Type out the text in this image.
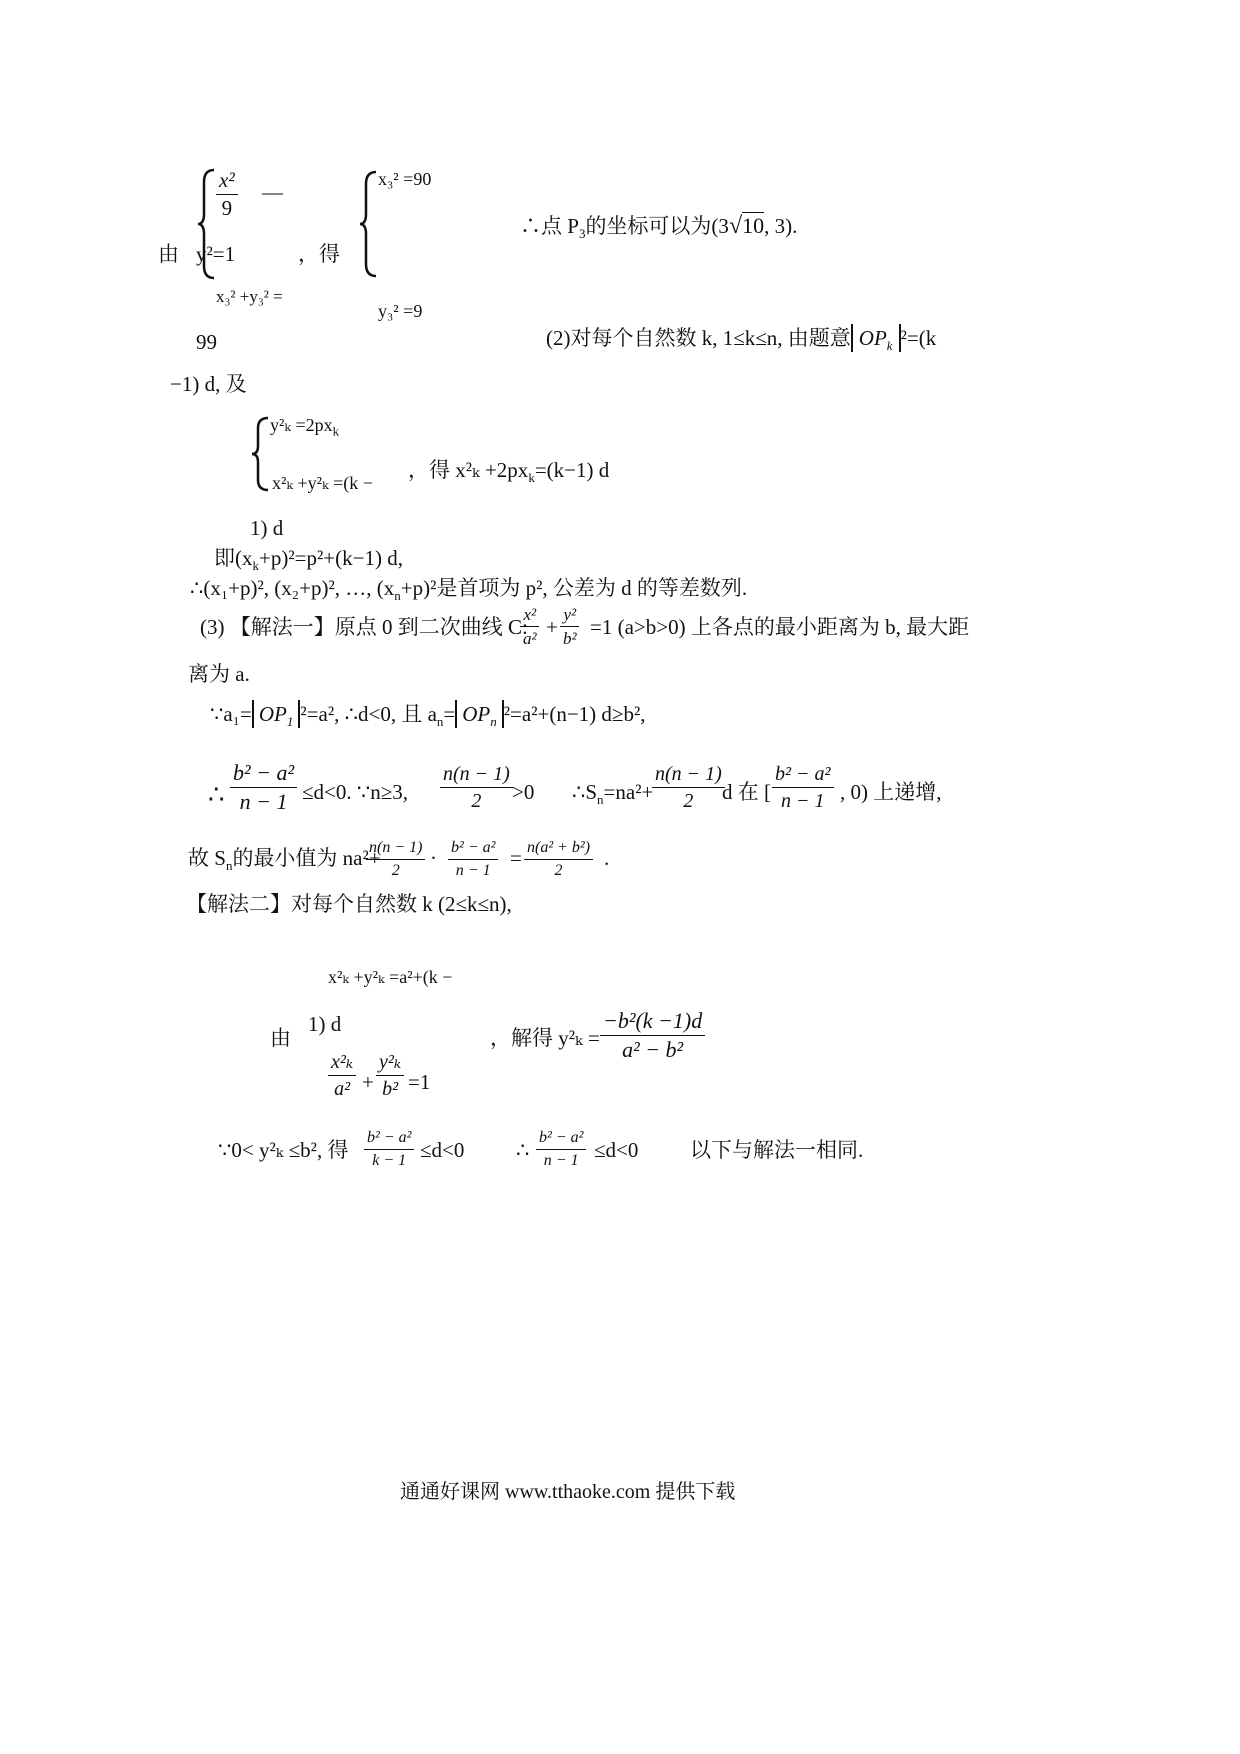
由
$\frac{\text{x²}}{9}$ —
y²=1	，得
x₃² +y₃² =
99
x₃² =90
y₃² =9
∴点 $P_3$的坐标可以为(3√10, 3).
(2)对每个自然数 k, 1≤k≤n, 由题意 $OP_k$ ²=(k
−1) d, 及
$y^2_k =2px_k$
x²ₖ +y²ₖ =(k −
1) d
，得 $x^2_k +2px_k=(k-1)$ d
即$(x_k+p)^2=p^2+(k-1)$ d,
∴(x₁+p)², (x₂+p)², …, $(x_n+p)^2$是首项为 p², 公差为 d 的等差数列.
(3) 【解法一】原点 0 到二次曲线 C:
$\frac{\text{x²}}{\text{a²}} + \frac{\text{y²}}{\text{b²}} =1$ (a>b>0) 上各点的最小距离为 b, 最大距
离为 a.
∵a₁= $OP_1$ ²=a², ∴d<0, 且 $a_n= OP_n$ ²=a²+(n−1) d≥b²,
∴ $\frac{\text{b² − a²}}{n - 1} \le d<0$. ∵n≥3, $\frac{n(n - 1)}{2} >0$ $\therefore S_n=na^2+$
$\frac{n(n - 1)}{2}$
d 在 [ $\frac{\text{b² − a²}}{n - 1}$ , 0) 上递增,
故 $S_n$的最小值为 na²+
$\frac{n(n - 1)}{2} \cdot \frac{\text{b² − a²}}{n - 1} = \frac{\text{n(a² + b²)}}{2}$ .
【解法二】对每个自然数 k (2≤k≤n),
x²ₖ +y²ₖ =a²+(k −
由
1) d
$\frac{\text{x²ₖ}}{\text{a²}} + \frac{\text{y²ₖ}}{\text{b²}} =1$
，解得 $y^2_k = \frac{\text{−b²(k −1)d}}{\text{a² − b²}}$
∵0< y²ₖ ≤b², 得 $\frac{\text{b² − a²}}{k - 1} \le d<0$ ∴ $\frac{\text{b² − a²}}{n - 1} \le d<0$ 以下与解法一相同.
通通好课网 www.tthaoke.com 提供下载
